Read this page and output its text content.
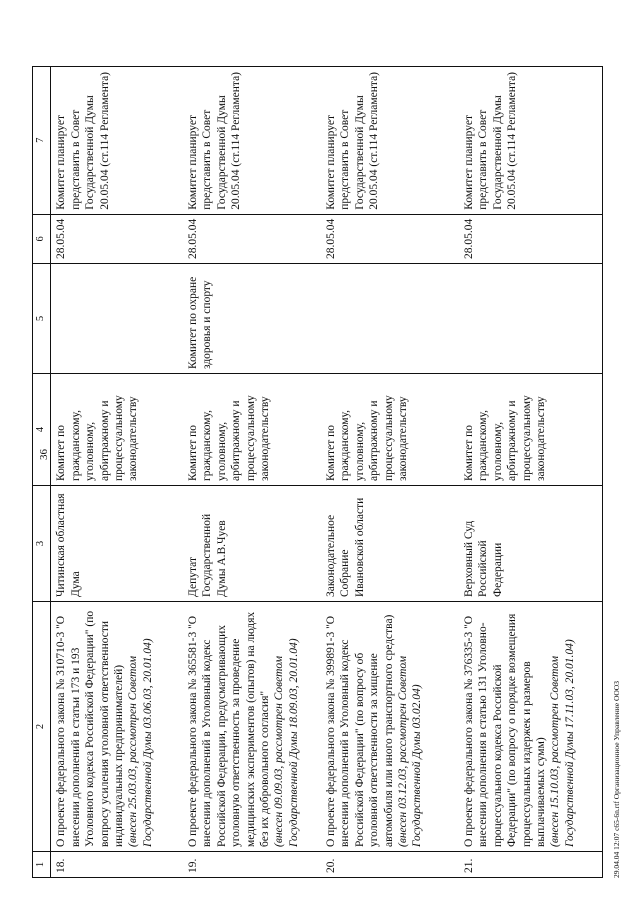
36
1	2	3	4	5	6	7
18.	О проекте федерального закона № 310710-3 "О внесении дополнений в статьи 173 и 193 Уголовного кодекса Российской Федерации" (по вопросу усиления уголовной ответственности индивидуальных предпринимателей) (внесен 25.03.03, рассмотрен Советом Государственной Думы 03.06.03, 20.01.04)	Читинская областная Дума	Комитет по гражданскому, уголовному, арбитражному и процессуальному законодательству		28.05.04	Комитет планирует представить в Совет Государственной Думы 20.05.04 (ст.114 Регламента)
19.	О проекте федерального закона № 365581-3 "О внесении дополнений в Уголовный кодекс Российской Федерации, предусматривающих уголовную ответственность за проведение медицинских экспериментов (опытов) на людях без их добровольного согласия" (внесен 09.09.03, рассмотрен Советом Государственной Думы 18.09.03, 20.01.04)	Депутат Государственной Думы А.В.Чуев	Комитет по гражданскому, уголовному, арбитражному и процессуальному законодательству	Комитет по охране здоровья и спорту	28.05.04	Комитет планирует представить в Совет Государственной Думы 20.05.04 (ст.114 Регламента)
20.	О проекте федерального закона № 399891-3 "О внесении дополнений в Уголовный кодекс Российской Федерации" (по вопросу об уголовной ответственности за хищение автомобиля или иного транспортного средства) (внесен 03.12.03, рассмотрен Советом Государственной Думы 03.02.04)	Законодательное Собрание Ивановской области	Комитет по гражданскому, уголовному, арбитражному и процессуальному законодательству		28.05.04	Комитет планирует представить в Совет Государственной Думы 20.05.04 (ст.114 Регламента)
21.	О проекте федерального закона № 376335-3 "О внесении дополнения в статью 131 Уголовно-процессуального кодекса Российской Федерации" (по вопросу о порядке возмещения процессуальных издержек и размеров выплачиваемых сумм) (внесен 15.10.03, рассмотрен Советом Государственной Думы 17.11.03, 20.01.04)	Верховный Суд Российской Федерации	Комитет по гражданскому, уголовному, арбитражному и процессуальному законодательству		28.05.04	Комитет планирует представить в Совет Государственной Думы 20.05.04 (ст.114 Регламента)
29.04.04 12:07 c65-6n.rtf Организационное Управление ООО3
